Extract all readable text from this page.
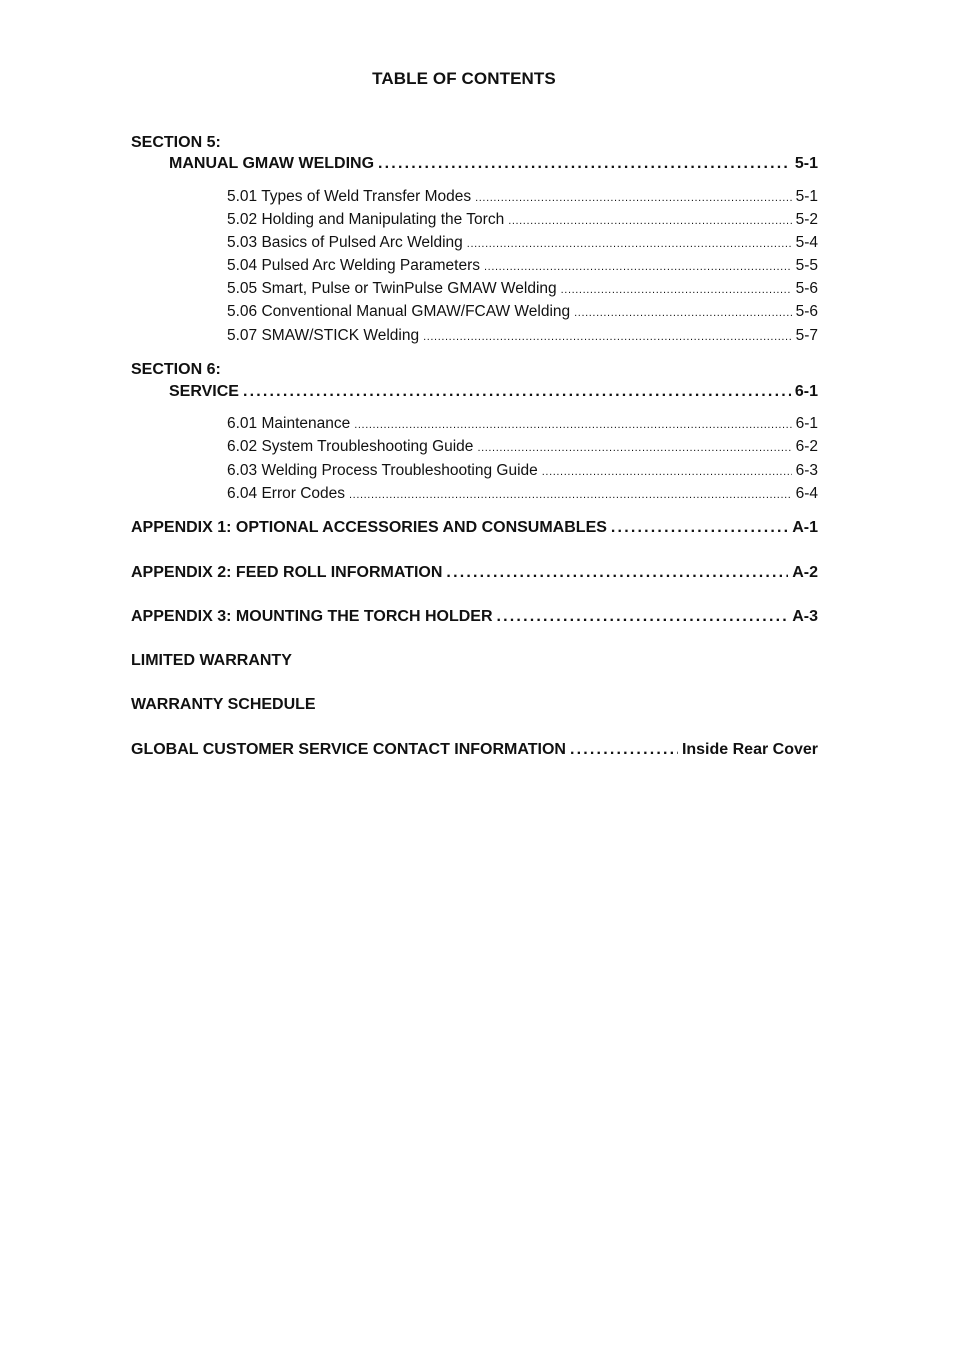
TABLE OF CONTENTS
SECTION 5:
MANUAL GMAW WELDING .....	5-1
5.01 Types of Weld Transfer Modes .....	5-1
5.02 Holding and Manipulating the Torch .....	5-2
5.03 Basics of Pulsed Arc Welding .....	5-4
5.04 Pulsed Arc Welding Parameters .....	5-5
5.05 Smart, Pulse or TwinPulse GMAW Welding .....	5-6
5.06 Conventional Manual GMAW/FCAW Welding .....	5-6
5.07 SMAW/STICK Welding .....	5-7
SECTION 6:
SERVICE .....	6-1
6.01 Maintenance .....	6-1
6.02 System Troubleshooting Guide .....	6-2
6.03 Welding Process Troubleshooting Guide .....	6-3
6.04 Error Codes .....	6-4
APPENDIX 1: OPTIONAL ACCESSORIES AND CONSUMABLES .....	A-1
APPENDIX 2: FEED ROLL INFORMATION .....	A-2
APPENDIX 3: MOUNTING THE TORCH HOLDER .....	A-3
LIMITED WARRANTY
WARRANTY SCHEDULE
GLOBAL CUSTOMER SERVICE CONTACT INFORMATION .....	Inside Rear Cover
